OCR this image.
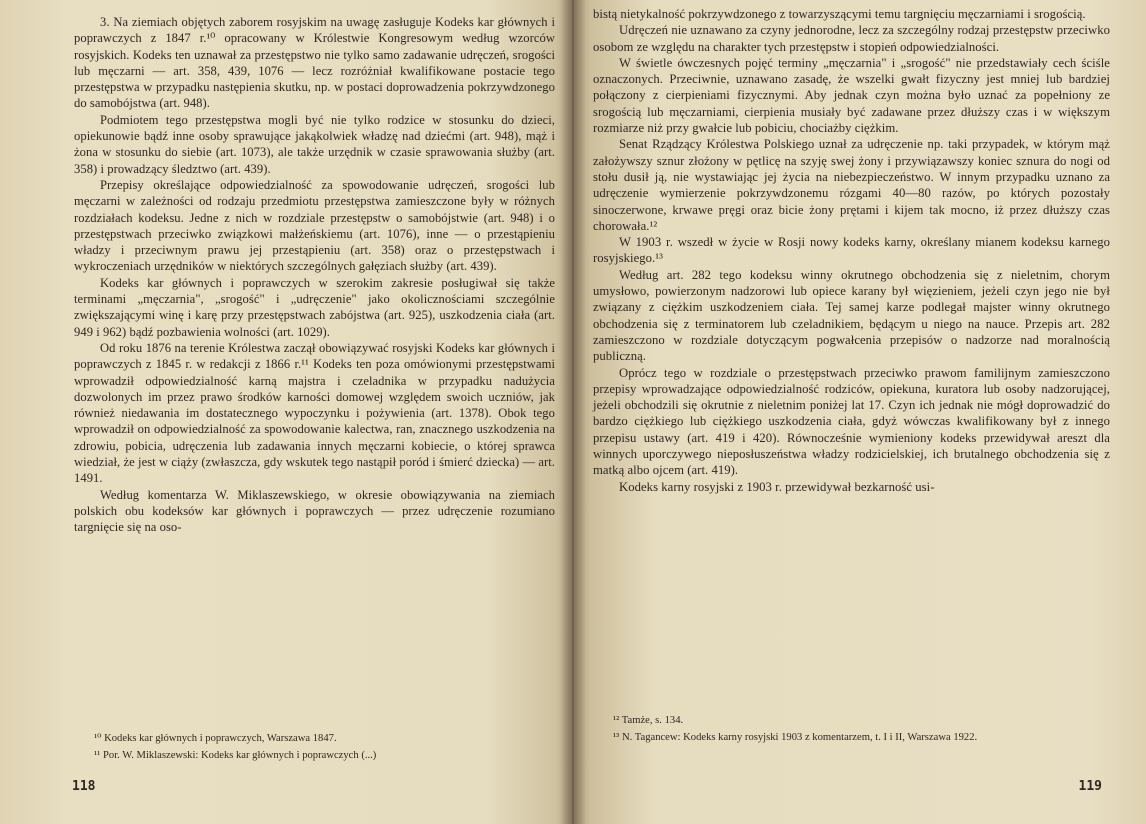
3. Na ziemiach objętych zaborem rosyjskim na uwagę zasługuje Kodeks kar głównych i poprawczych z 1847 r.¹⁰ opracowany w Królestwie Kongresowym według wzorców rosyjskich. Kodeks ten uznawał za przestępstwo nie tylko samo zadawanie udręczeń, srogości lub męczarni — art. 358, 439, 1076 — lecz rozróżniał kwalifikowane postacie tego przestępstwa w przypadku następienia skutku, np. w postaci doprowadzenia pokrzywdzonego do samobójstwa (art. 948).

Podmiotem tego przestępstwa mogli być nie tylko rodzice w stosunku do dzieci, opiekunowie bądź inne osoby sprawujące jakąkolwiek władzę nad dziećmi (art. 948), mąż i żona w stosunku do siebie (art. 1073), ale także urzędnik w czasie sprawowania służby (art. 358) i prowadzący śledztwo (art. 439).

Przepisy określające odpowiedzialność za spowodowanie udręczeń, srogości lub męczarni w zależności od rodzaju przedmiotu przestępstwa zamieszczone były w różnych rozdziałach kodeksu. Jedne z nich w rozdziale przestępstw o samobójstwie (art. 948) i o przestępstwach przeciwko związkowi małżeńskiemu (art. 1076), inne — o przestąpieniu władzy i przeciwnym prawu jej przestąpieniu (art. 358) oraz o przestępstwach i wykroczeniach urzędników w niektórych szczególnych gałęziach służby (art. 439).

Kodeks kar głównych i poprawczych w szerokim zakresie posługiwał się także terminami „męczarnia", „srogość" i „udręczenie" jako okolicznościami szczególnie zwiększającymi winę i karę przy przestępstwach zabójstwa (art. 925), uszkodzenia ciała (art. 949 i 962) bądź pozbawienia wolności (art. 1029).

Od roku 1876 na terenie Królestwa zaczął obowiązywać rosyjski Kodeks kar głównych i poprawczych z 1845 r. w redakcji z 1866 r.¹¹ Kodeks ten poza omówionymi przestępstwami wprowadził odpowiedzialność karną majstra i czeladnika w przypadku nadużycia dozwolonych im przez prawo środków karności domowej względem swoich uczniów, jak również niedawania im dostatecznego wypoczynku i pożywienia (art. 1378). Obok tego wprowadził on odpowiedzialność za spowodowanie kalectwa, ran, znacznego uszkodzenia na zdrowiu, pobicia, udręczenia lub zadawania innych męczarni kobiecie, o której sprawca wiedział, że jest w ciąży (zwłaszcza, gdy wskutek tego nastąpił poród i śmierć dziecka) — art. 1491.

Według komentarza W. Miklaszewskiego, w okresie obowiązywania na ziemiach polskich obu kodeksów kar głównych i poprawczych — przez udręczenie rozumiano targnięcie się na oso-

¹⁰ Kodeks kar głównych i poprawczych, Warszawa 1847.
¹¹ Por. W. Miklaszewski: Kodeks kar głównych i poprawczych (...)
118

bistą nietykalność pokrzywdzonego z towarzyszącymi temu targnięciu męczarniami i srogością.

Udręczeń nie uznawano za czyny jednorodne, lecz za szczególny rodzaj przestępstw przeciwko osobom ze względu na charakter tych przestępstw i stopień odpowiedzialności.

W świetle ówczesnych pojęć terminy „męczarnia" i „srogość" nie przedstawiały cech ściśle oznaczonych. Przeciwnie, uznawano zasadę, że wszelki gwałt fizyczny jest mniej lub bardziej połączony z cierpieniami fizycznymi. Aby jednak czyn można było uznać za popełniony ze srogością lub męczarniami, cierpienia musiały być zadawane przez dłuższy czas i w większym rozmiarze niż przy gwałcie lub pobiciu, chociażby ciężkim.

Senat Rządzący Królestwa Polskiego uznał za udręczenie np. taki przypadek, w którym mąż założywszy sznur złożony w pętlicę na szyję swej żony i przywiązawszy koniec sznura do nogi od stołu dusił ją, nie wystawiając jej życia na niebezpieczeństwo. W innym przypadku uznano za udręczenie wymierzenie pokrzywdzonemu rózgami 40—80 razów, po których pozostały sinoczerwone, krwawe pręgi oraz bicie żony prętami i kijem tak mocno, iż przez dłuższy czas chorowała.¹²

W 1903 r. wszedł w życie w Rosji nowy kodeks karny, określany mianem kodeksu karnego rosyjskiego.¹³

Według art. 282 tego kodeksu winny okrutnego obchodzenia się z nieletnim, chorym umysłowo, powierzonym nadzorowi lub opiece karany był więzieniem, jeżeli czyn jego nie był związany z ciężkim uszkodzeniem ciała. Tej samej karze podlegał majster winny okrutnego obchodzenia się z terminatorem lub czeladnikiem, będącym u niego na nauce. Przepis art. 282 zamieszczono w rozdziale dotyczącym pogwałcenia przepisów o nadzorze nad moralnością publiczną.

Oprócz tego w rozdziale o przestępstwach przeciwko prawom familijnym zamieszczono przepisy wprowadzające odpowiedzialność rodziców, opiekuna, kuratora lub osoby nadzorującej, jeżeli obchodzili się okrutnie z nieletnim poniżej lat 17. Czyn ich jednak nie mógł doprowadzić do bardzo ciężkiego lub ciężkiego uszkodzenia ciała, gdyż wówczas kwalifikowany był z innego przepisu ustawy (art. 419 i 420). Równocześnie wymieniony kodeks przewidywał areszt dla winnych uporczywego nieposłuszeństwa władzy rodzicielskiej, ich brutalnego obchodzenia się z matką albo ojcem (art. 419).

Kodeks karny rosyjski z 1903 r. przewidywał bezkarność usi-

¹² Tamże, s. 134.
¹³ N. Tagancew: Kodeks karny rosyjski 1903 z komentarzem, t. I i II, Warszawa 1922.
119
